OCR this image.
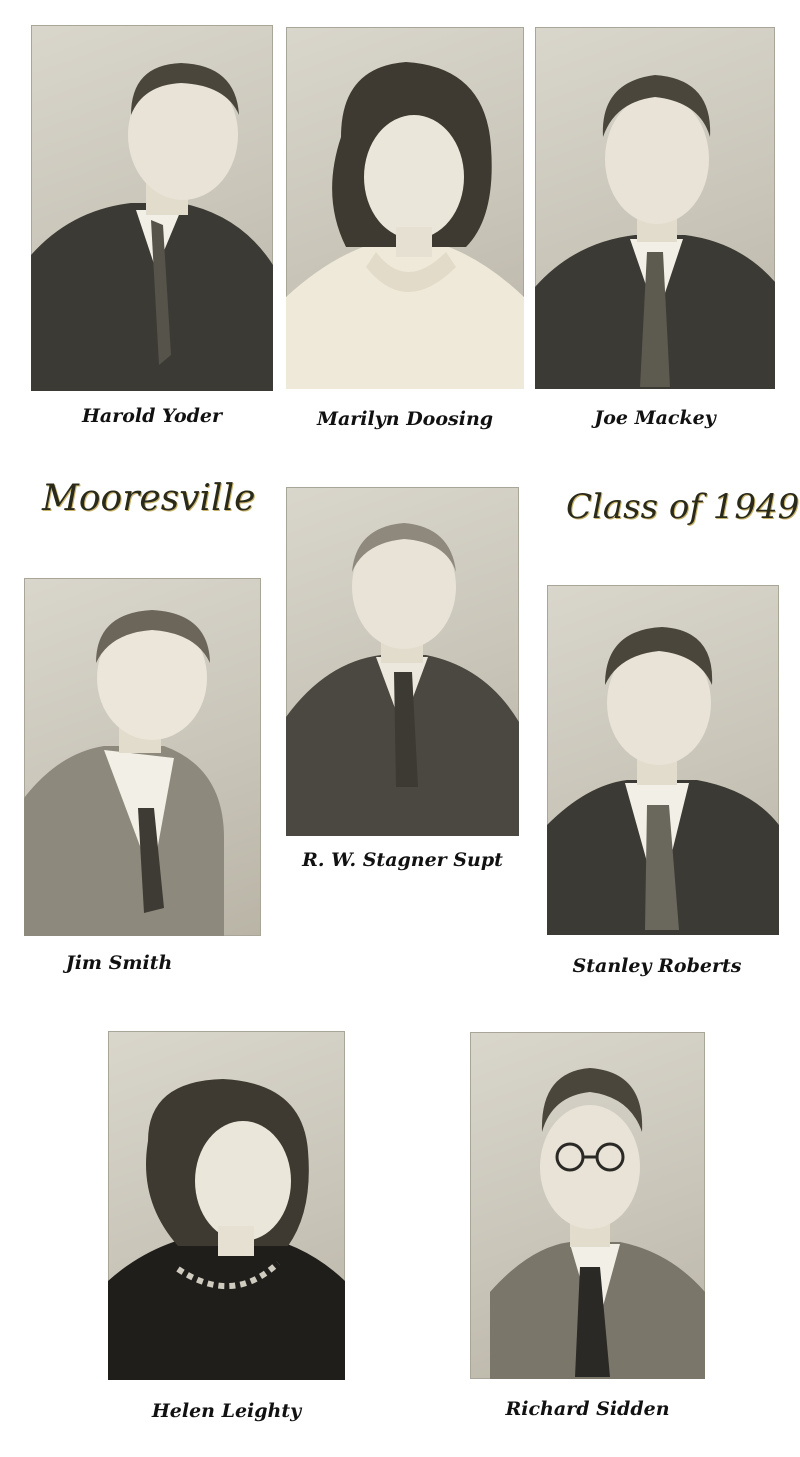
Mooresville	Class of 1949
Harold Yoder	Marilyn Doosing	Joe Mackey
R. W. Stagner Supt
Jim Smith	Stanley Roberts
Helen Leighty	Richard Sidden
